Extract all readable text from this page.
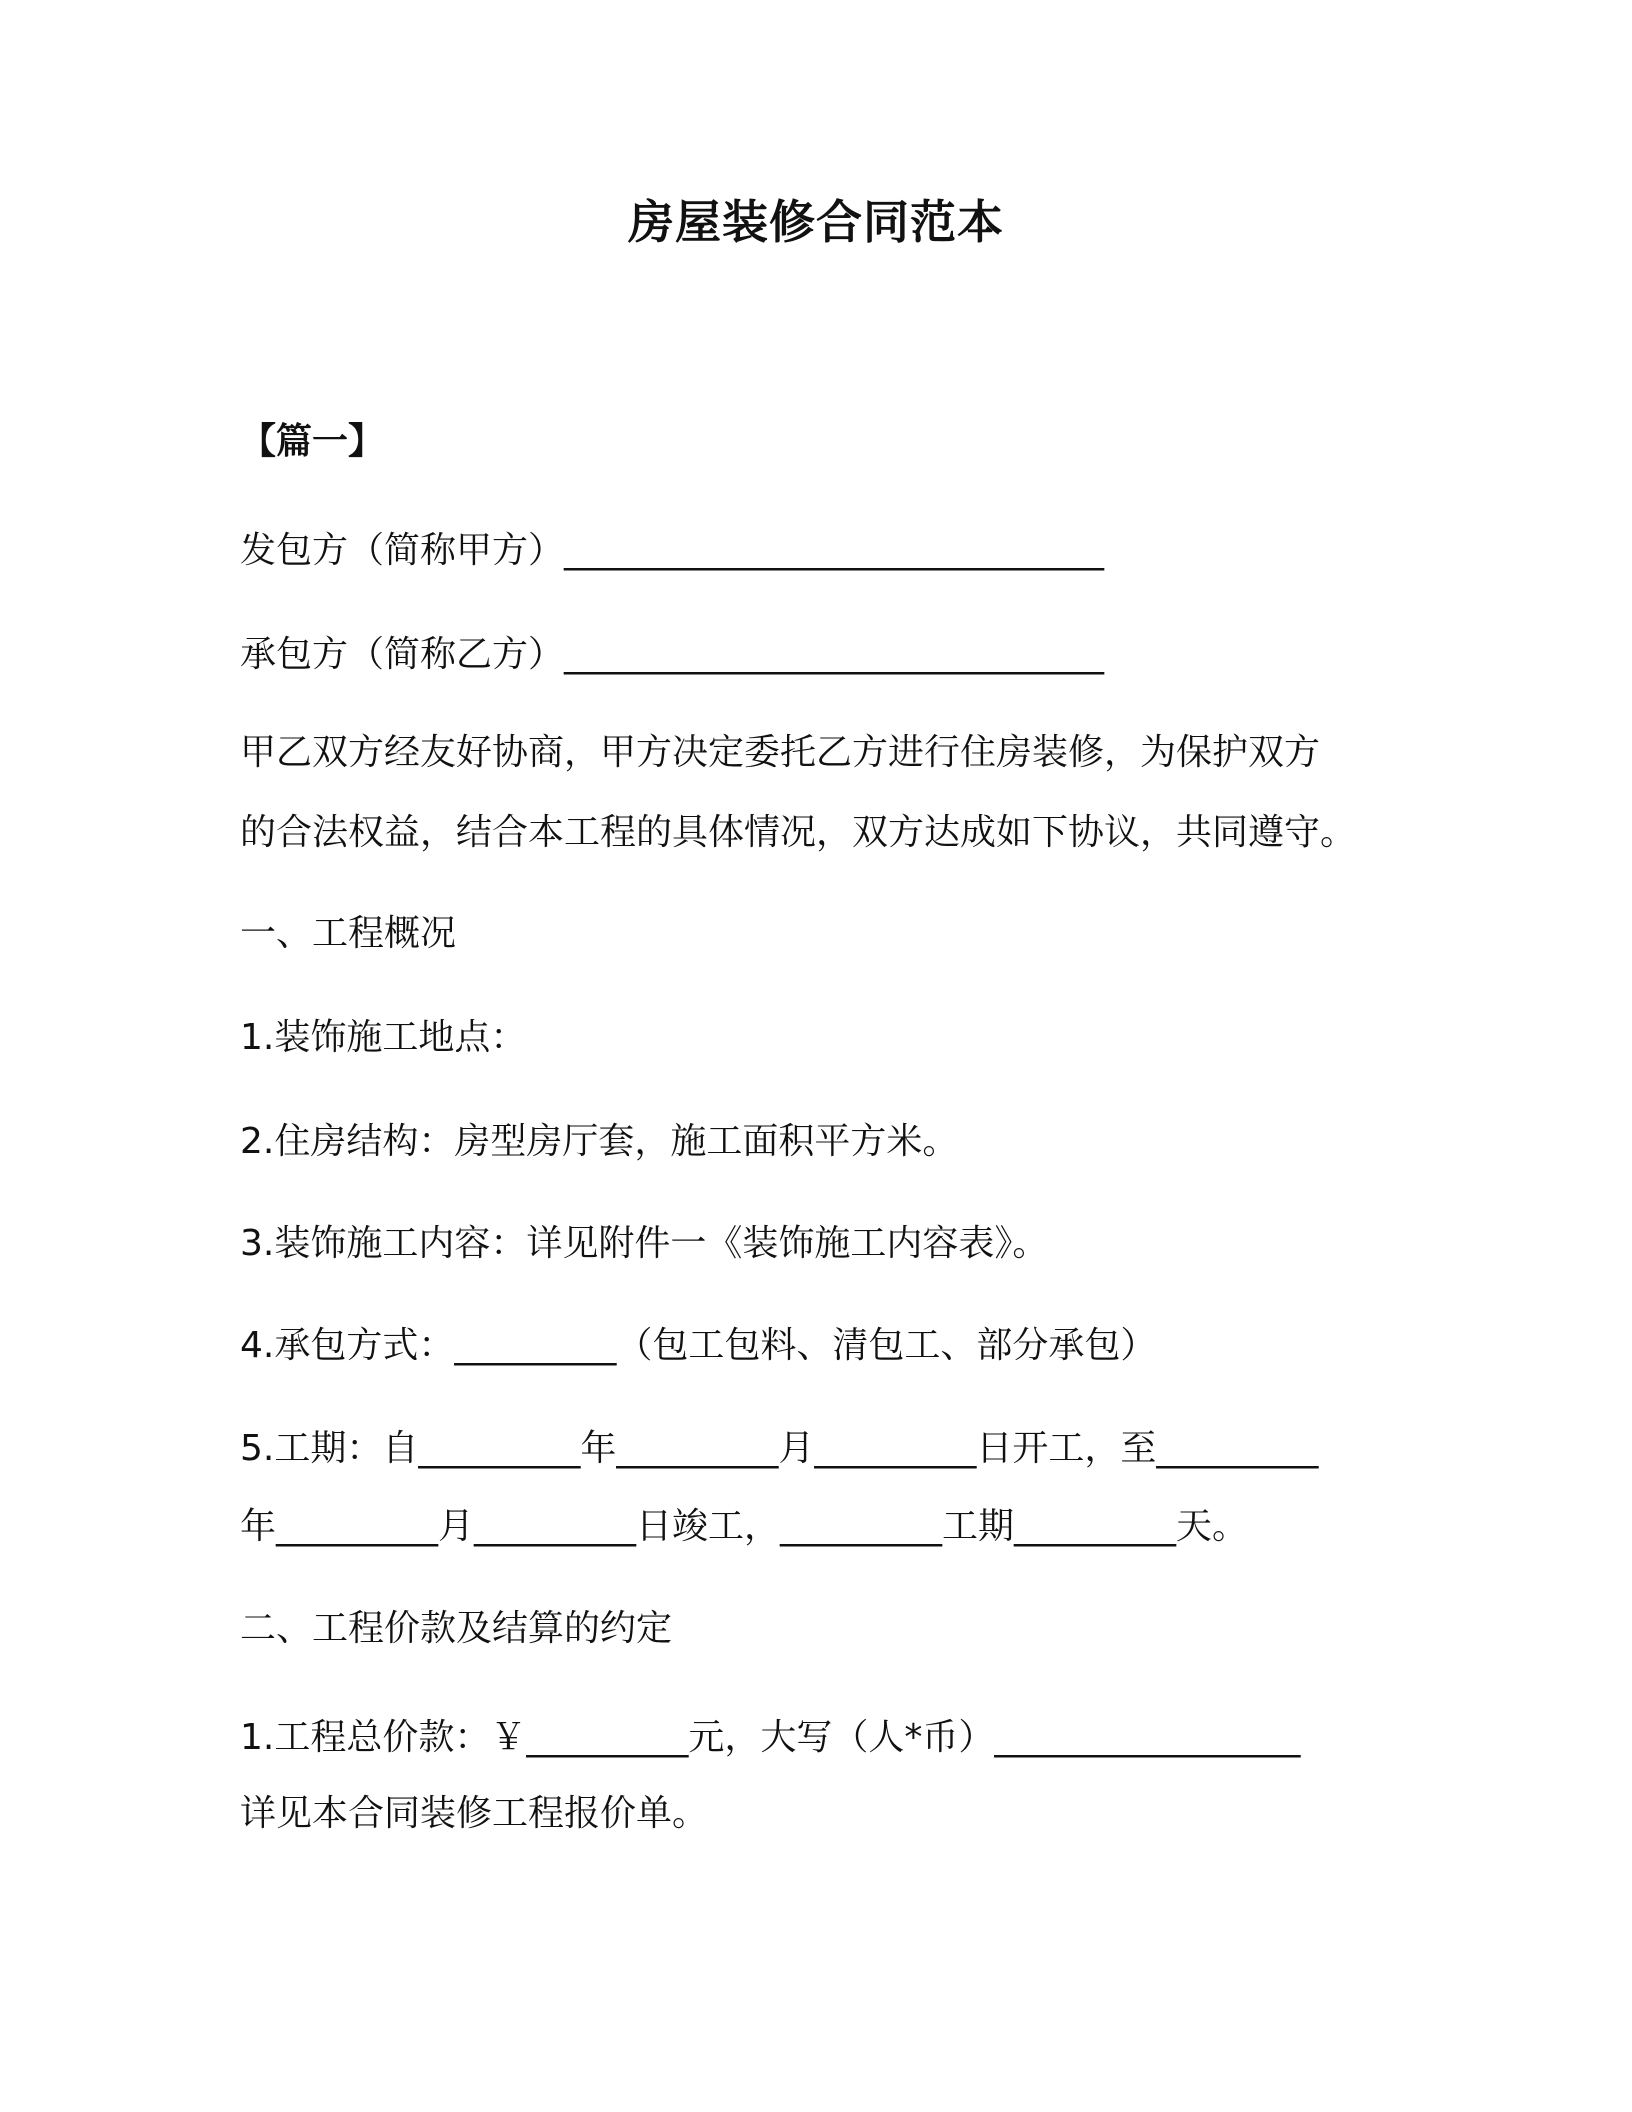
房屋装修合同范本
【篇一】
发包方（简称甲方）______________________________
承包方（简称乙方）______________________________
甲乙双方经友好协商，甲方决定委托乙方进行住房装修，为保护双方
的合法权益，结合本工程的具体情况，双方达成如下协议，共同遵守。
一、工程概况
1.装饰施工地点：
2.住房结构：房型房厅套，施工面积平方米。
3.装饰施工内容：详见附件一《装饰施工内容表》。
4.承包方式：_________（包工包料、清包工、部分承包）
5.工期：自_________年_________月_________日开工，至_________
年_________月_________日竣工，_________工期_________天。
二、工程价款及结算的约定
1.工程总价款：￥_________元，大写（人*币）_________________
详见本合同装修工程报价单。
